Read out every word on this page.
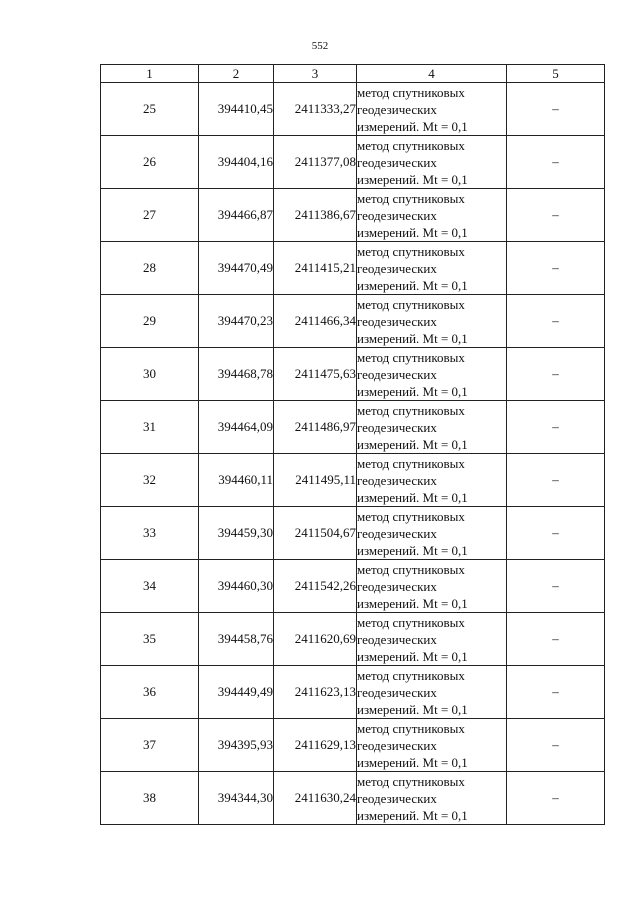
552
1	2	3	4	5
25	394410,45	2411333,27	метод спутниковых
геодезических
измерений. Mt = 0,1	–
26	394404,16	2411377,08	метод спутниковых
геодезических
измерений. Mt = 0,1	–
27	394466,87	2411386,67	метод спутниковых
геодезических
измерений. Mt = 0,1	–
28	394470,49	2411415,21	метод спутниковых
геодезических
измерений. Mt = 0,1	–
29	394470,23	2411466,34	метод спутниковых
геодезических
измерений. Mt = 0,1	–
30	394468,78	2411475,63	метод спутниковых
геодезических
измерений. Mt = 0,1	–
31	394464,09	2411486,97	метод спутниковых
геодезических
измерений. Mt = 0,1	–
32	394460,11	2411495,11	метод спутниковых
геодезических
измерений. Mt = 0,1	–
33	394459,30	2411504,67	метод спутниковых
геодезических
измерений. Mt = 0,1	–
34	394460,30	2411542,26	метод спутниковых
геодезических
измерений. Mt = 0,1	–
35	394458,76	2411620,69	метод спутниковых
геодезических
измерений. Mt = 0,1	–
36	394449,49	2411623,13	метод спутниковых
геодезических
измерений. Mt = 0,1	–
37	394395,93	2411629,13	метод спутниковых
геодезических
измерений. Mt = 0,1	–
38	394344,30	2411630,24	метод спутниковых
геодезических
измерений. Mt = 0,1	–
